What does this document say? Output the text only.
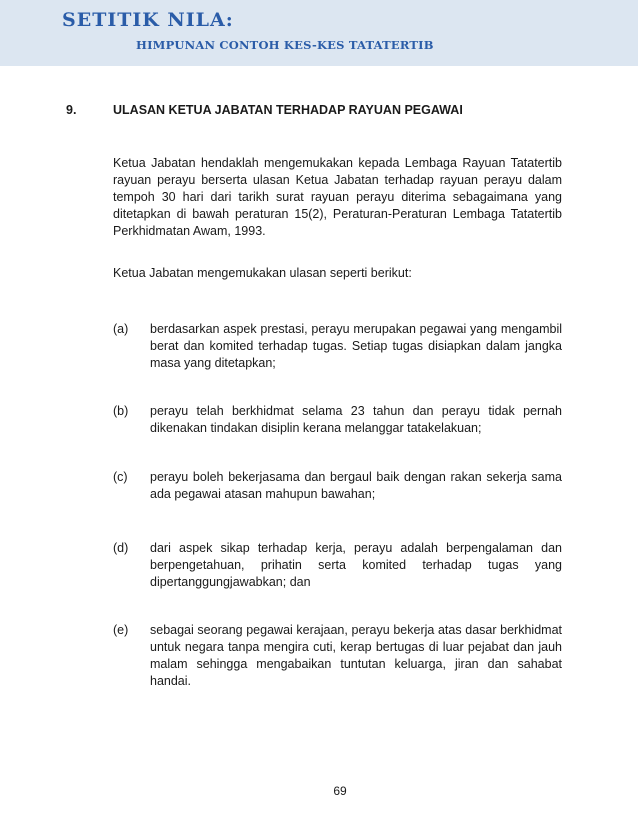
SETITIK NILA:
HIMPUNAN CONTOH KES-KES TATATERTIB
9.	ULASAN KETUA JABATAN TERHADAP RAYUAN PEGAWAI
Ketua Jabatan hendaklah mengemukakan kepada Lembaga Rayuan Tatatertib rayuan perayu berserta ulasan Ketua Jabatan terhadap rayuan perayu dalam tempoh 30 hari dari tarikh surat rayuan perayu diterima sebagaimana yang ditetapkan di bawah peraturan 15(2), Peraturan-Peraturan Lembaga Tatatertib Perkhidmatan Awam, 1993.
Ketua Jabatan mengemukakan ulasan seperti berikut:
(a) berdasarkan aspek prestasi, perayu merupakan pegawai yang mengambil berat dan komited terhadap tugas. Setiap tugas disiapkan dalam jangka masa yang ditetapkan;
(b) perayu telah berkhidmat selama 23 tahun dan perayu tidak pernah dikenakan tindakan disiplin kerana melanggar tatakelakuan;
(c) perayu boleh bekerjasama dan bergaul baik dengan rakan sekerja sama ada pegawai atasan mahupun bawahan;
(d) dari aspek sikap terhadap kerja, perayu adalah berpengalaman dan berpengetahuan, prihatin serta komited terhadap tugas yang dipertanggungjawabkan; dan
(e) sebagai seorang pegawai kerajaan, perayu bekerja atas dasar berkhidmat untuk negara tanpa mengira cuti, kerap bertugas di luar pejabat dan jauh malam sehingga mengabaikan tuntutan keluarga, jiran dan sahabat handai.
69
